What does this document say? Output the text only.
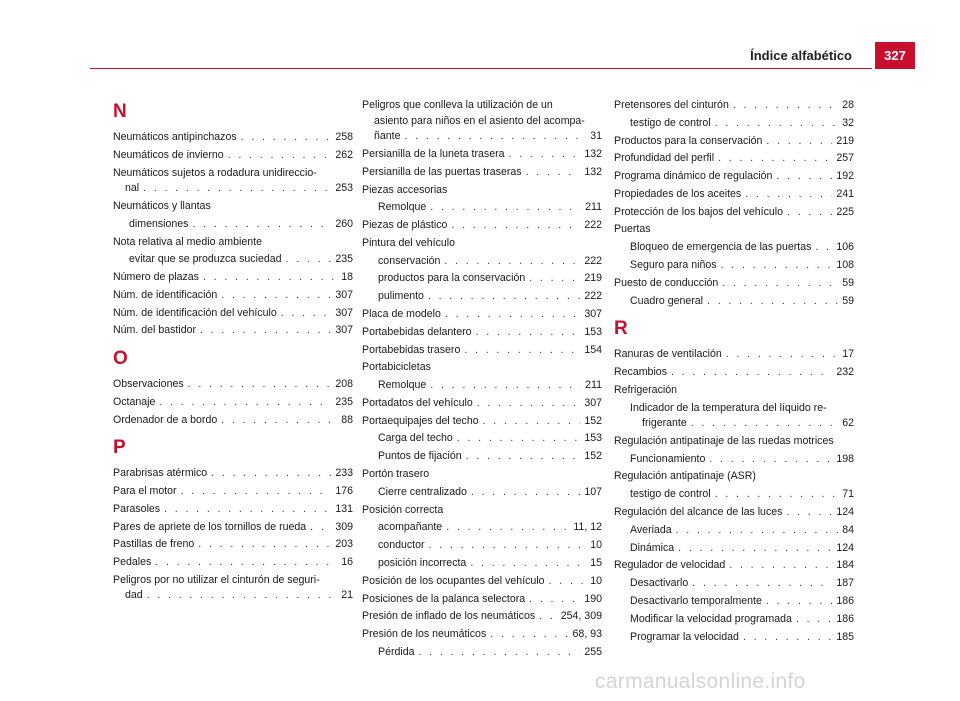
Índice alfabético	327
N
Neumáticos antipinchazos . . .	258
Neumáticos de invierno . . .	262
Neumáticos sujetos a rodadura unidireccio-
nal . . .	253
Neumáticos y llantas
dimensiones . . .	260
Nota relativa al medio ambiente
evitar que se produzca suciedad . . .	235
Número de plazas . . .	18
Núm. de identificación . . .	307
Núm. de identificación del vehículo . . .	307
Núm. del bastidor . . .	307
O
Observaciones . . .	208
Octanaje . . .	235
Ordenador de a bordo . . .	88
P
Parabrisas atérmico . . .	233
Para el motor . . .	176
Parasoles . . .	131
Pares de apriete de los tornillos de rueda . . .	309
Pastillas de freno . . .	203
Pedales . . .	16
Peligros por no utilizar el cinturón de seguri-
dad . . .	21
Peligros que conlleva la utilización de un
asiento para niños en el asiento del acompa-
ñante . . .	31
Persianilla de la luneta trasera . . .	132
Persianilla de las puertas traseras . . .	132
Piezas accesorias
Remolque . . .	211
Piezas de plástico . . .	222
Pintura del vehículo
conservación . . .	222
productos para la conservación . . .	219
pulimento . . .	222
Placa de modelo . . .	307
Portabebidas delantero . . .	153
Portabebidas trasero . . .	154
Portabicicletas
Remolque . . .	211
Portadatos del vehículo . . .	307
Portaequipajes del techo . . .	152
Carga del techo . . .	153
Puntos de fijación . . .	152
Portón trasero
Cierre centralizado . . .	107
Posición correcta
acompañante . . .	11, 12
conductor . . .	10
posición incorrecta . . .	15
Posición de los ocupantes del vehículo . . .	10
Posiciones de la palanca selectora . . .	190
Presión de inflado de los neumáticos . . . 254, 309
Presión de los neumáticos . . .	68, 93
Pérdida . . .	255
Pretensores del cinturón . . .	28
testigo de control . . .	32
Productos para la conservación . . .	219
Profundidad del perfil . . .	257
Programa dinámico de regulación . . .	192
Propiedades de los aceites . . .	241
Protección de los bajos del vehículo . . .	225
Puertas
Bloqueo de emergencia de las puertas . . . 106
Seguro para niños . . .	108
Puesto de conducción . . .	59
Cuadro general . . .	59
R
Ranuras de ventilación . . .	17
Recambios . . .	232
Refrigeración
Indicador de la temperatura del líquido re-
frigerante . . .	62
Regulación antipatinaje de las ruedas motrices
Funcionamiento . . .	198
Regulación antipatinaje (ASR)
testigo de control . . .	71
Regulación del alcance de las luces . . .	124
Averiada . . .	84
Dinámica . . .	124
Regulador de velocidad . . .	184
Desactivarlo . . .	187
Desactivarlo temporalmente . . .	186
Modificar la velocidad programada . . .	186
Programar la velocidad . . .	185
carmanualsonline.info
